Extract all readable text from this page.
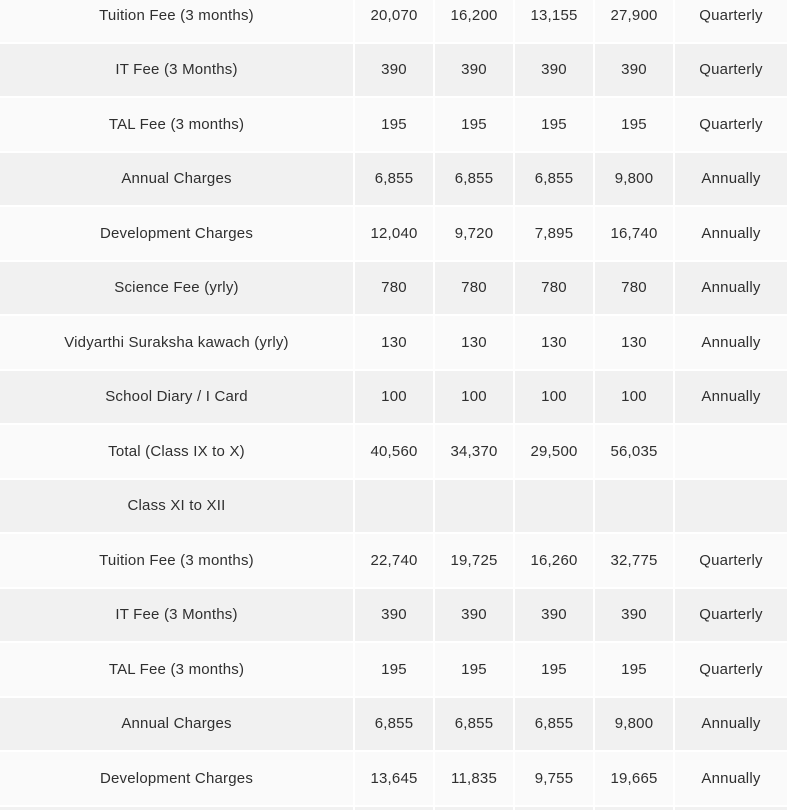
Tuition Fee (3 months)	20,070	16,200	13,155	27,900	Quarterly
IT Fee (3 Months)	390	390	390	390	Quarterly
TAL Fee (3 months)	195	195	195	195	Quarterly
Annual Charges	6,855	6,855	6,855	9,800	Annually
Development Charges	12,040	9,720	7,895	16,740	Annually
Science Fee (yrly)	780	780	780	780	Annually
Vidyarthi Suraksha kawach (yrly)	130	130	130	130	Annually
School Diary / I Card	100	100	100	100	Annually
Total (Class IX to X)	40,560	34,370	29,500	56,035
Class XI to XII
Tuition Fee (3 months)	22,740	19,725	16,260	32,775	Quarterly
IT Fee (3 Months)	390	390	390	390	Quarterly
TAL Fee (3 months)	195	195	195	195	Quarterly
Annual Charges	6,855	6,855	6,855	9,800	Annually
Development Charges	13,645	11,835	9,755	19,665	Annually
